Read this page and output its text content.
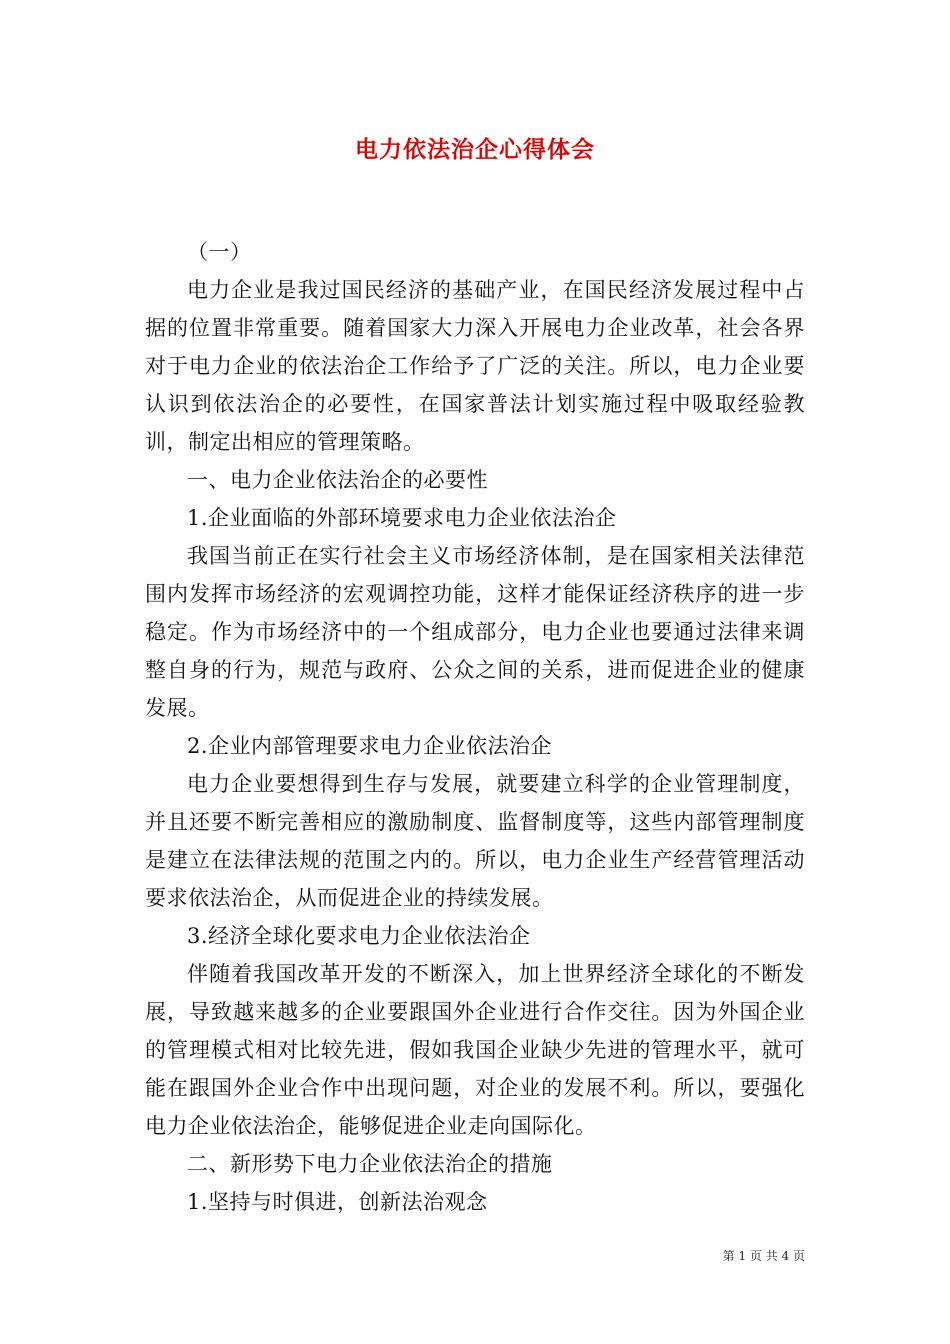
电力依法治企心得体会

（一）

电力企业是我过国民经济的基础产业，在国民经济发展过程中占据的位置非常重要。随着国家大力深入开展电力企业改革，社会各界对于电力企业的依法治企工作给予了广泛的关注。所以，电力企业要认识到依法治企的必要性，在国家普法计划实施过程中吸取经验教训，制定出相应的管理策略。

一、电力企业依法治企的必要性

1.企业面临的外部环境要求电力企业依法治企

我国当前正在实行社会主义市场经济体制，是在国家相关法律范围内发挥市场经济的宏观调控功能，这样才能保证经济秩序的进一步稳定。作为市场经济中的一个组成部分，电力企业也要通过法律来调整自身的行为，规范与政府、公众之间的关系，进而促进企业的健康发展。

2.企业内部管理要求电力企业依法治企

电力企业要想得到生存与发展，就要建立科学的企业管理制度，并且还要不断完善相应的激励制度、监督制度等，这些内部管理制度是建立在法律法规的范围之内的。所以，电力企业生产经营管理活动要求依法治企，从而促进企业的持续发展。

3.经济全球化要求电力企业依法治企

伴随着我国改革开发的不断深入，加上世界经济全球化的不断发展，导致越来越多的企业要跟国外企业进行合作交往。因为外国企业的管理模式相对比较先进，假如我国企业缺少先进的管理水平，就可能在跟国外企业合作中出现问题，对企业的发展不利。所以，要强化电力企业依法治企，能够促进企业走向国际化。

二、新形势下电力企业依法治企的措施

1.坚持与时俱进，创新法治观念

第 1 页 共 4 页
